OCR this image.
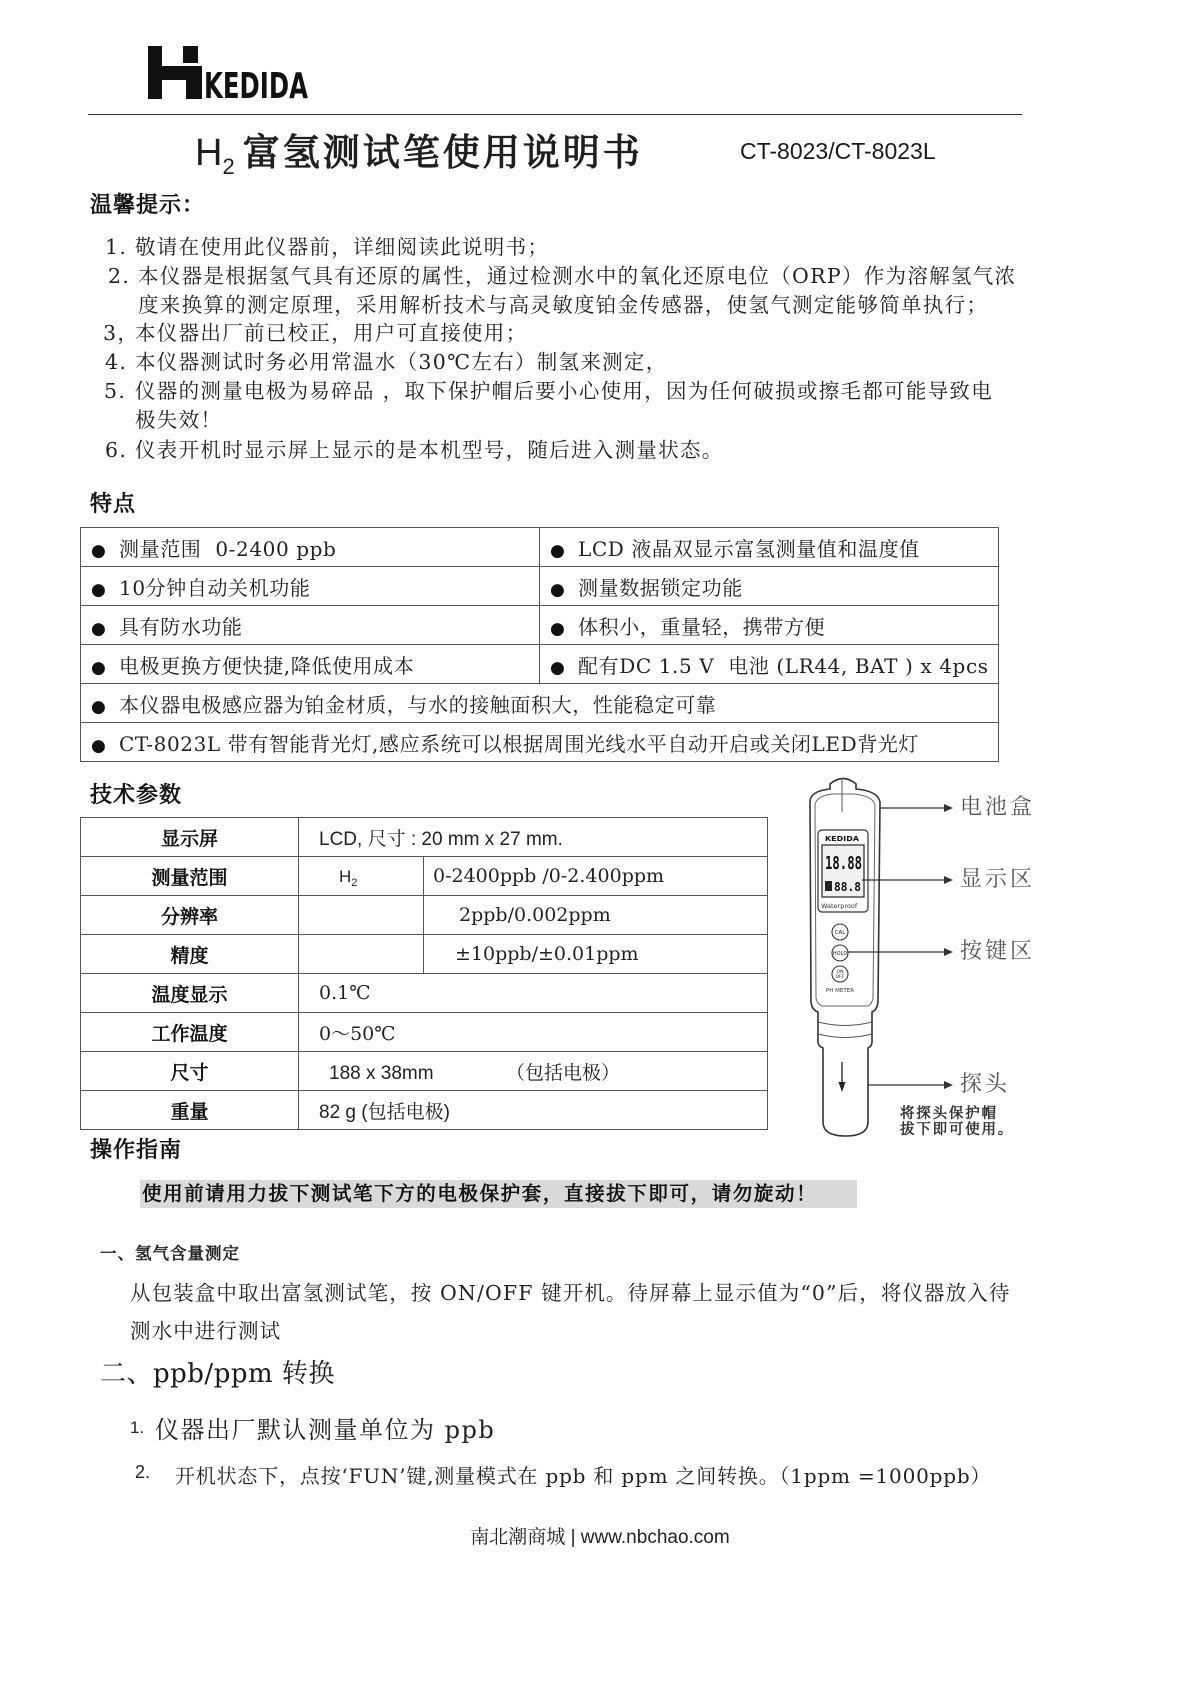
KEDIDA
H2 富氢测试笔使用说明书	CT-8023/CT-8023L
温馨提示：
1. 敬请在使用此仪器前，详细阅读此说明书；
2. 本仪器是根据氢气具有还原的属性，通过检测水中的氧化还原电位（ORP）作为溶解氢气浓
度来换算的测定原理，采用解析技术与高灵敏度铂金传感器，使氢气测定能够简单执行；
3，
本仪器出厂前已校正，用户可直接使用；
4. 本仪器测试时务必用常温水（30℃左右）制氢来测定，
5. 仪器的测量电极为易碎品 ，取下保护帽后要小心使用，因为任何破损或擦毛都可能导致电
极失效！
6. 仪表开机时显示屏上显示的是本机型号，随后进入测量状态。
特点
● 测量范围  0-2400 ppb	● LCD 液晶双显示富氢测量值和温度值
● 10分钟自动关机功能	● 测量数据锁定功能
● 具有防水功能	● 体积小，重量轻，携带方便
● 电极更换方便快捷,降低使用成本	● 配有DC 1.5 V  电池 (LR44, BAT ) x 4pcs
● 本仪器电极感应器为铂金材质，与水的接触面积大，性能稳定可靠	
● CT-8023L 带有智能背光灯,感应系统可以根据周围光线水平自动开启或关闭LED背光灯	
技术参数
显示屏	LCD, 尺寸 : 20 mm x 27 mm.	
测量范围	$H_2$	0-2400ppb /0-2.400ppm
分辨率		2ppb/0.002ppm
精度		±10ppb/±0.01ppm
温度显示	0.1℃	
工作温度	0～50℃	
尺寸	188 x 38mm （包括电极）	
重量	82 g (包括电极)	
KEDIDA
18.88
88.8
Waterproof
CAL
HOLD
ON
OFF
PH METER
电池盒
显示区
按键区
探头
将探头保护帽
拔下即可使用。
操作指南
使用前请用力拔下测试笔下方的电极保护套，直接拔下即可，请勿旋动！
一、氢气含量测定
从包装盒中取出富氢测试笔，按 ON/OFF 键开机。待屏幕上显示值为“0”后，将仪器放入待
测水中进行测试
二、ppb/ppm 转换
1. 仪器出厂默认测量单位为 ppb
2. 开机状态下，点按‘FUN’键,测量模式在 ppb 和 ppm 之间转换。（1ppm =1000ppb）
南北潮商城 | www.nbchao.com
